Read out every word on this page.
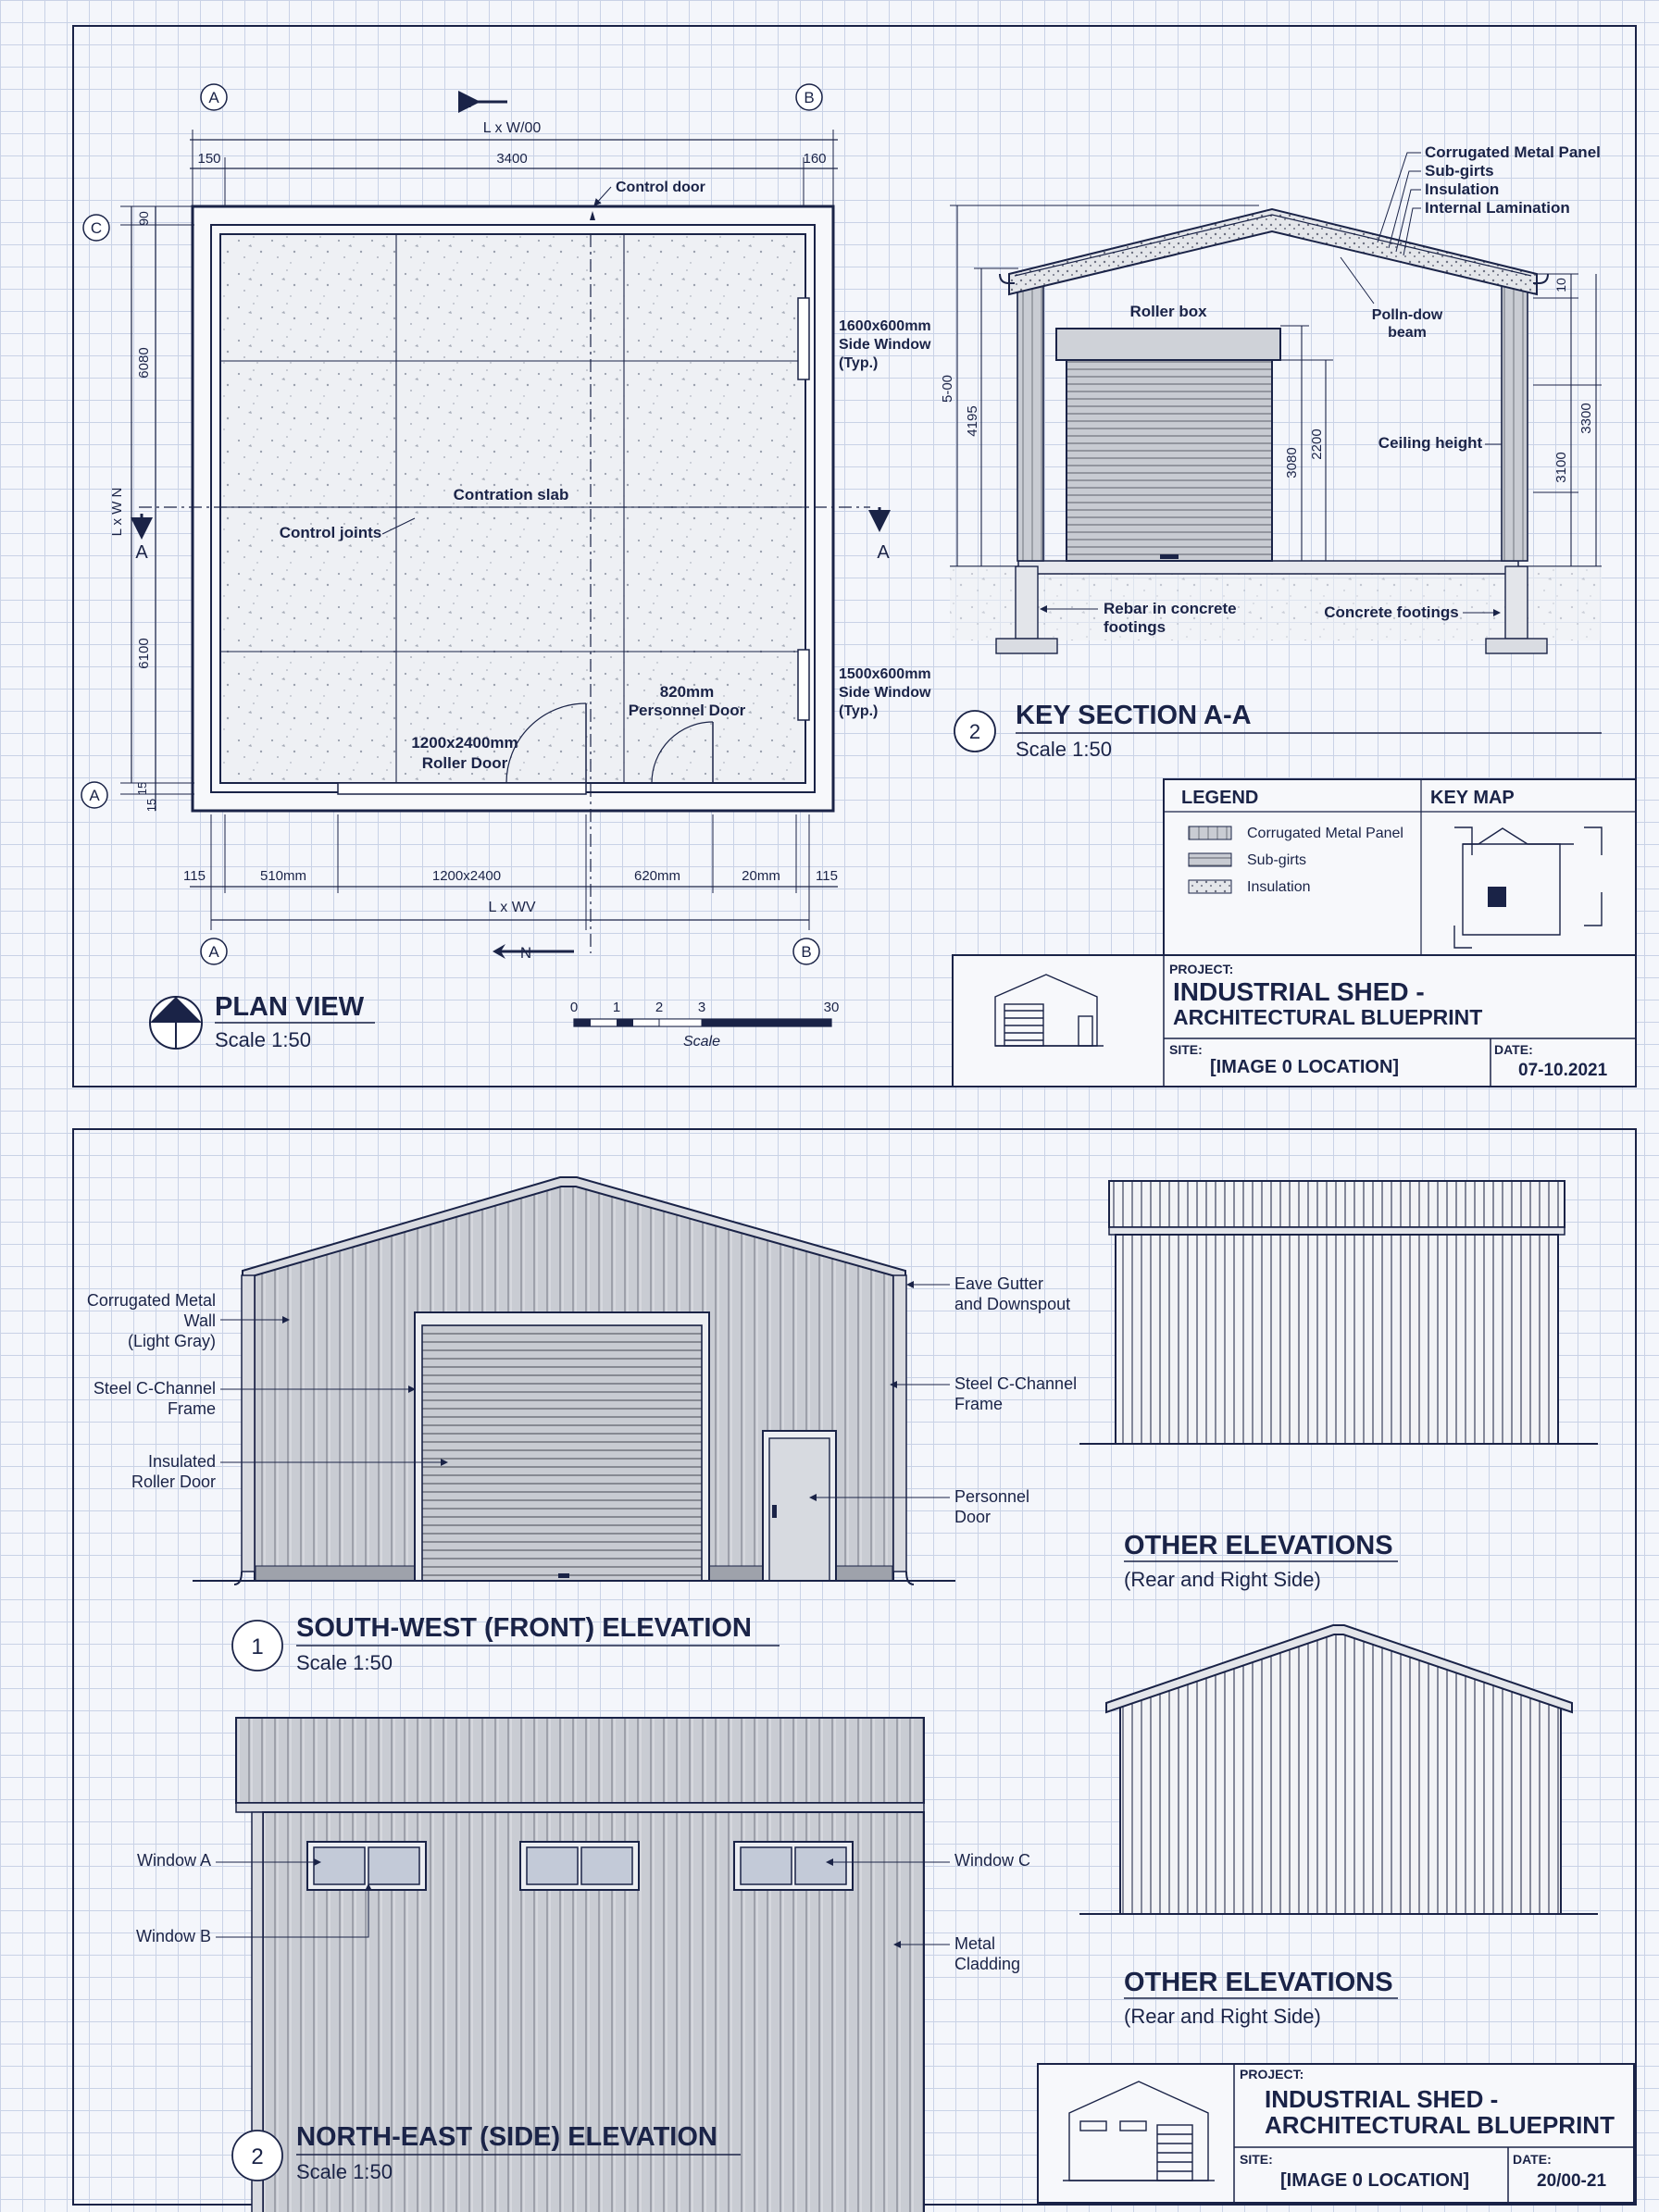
A	B
C
A
A	B
A
L x W/00
150	3400	160
Control door
Contration slab
Control joints
1600x600mm
Side Window
(Typ.)
1500x600mm
Side Window
(Typ.)
1200x2400mm
Roller Door
820mm
Personnel Door
90
6080
6100
15
15
L x W N
A	A
115	510mm	1200x2400	620mm	20mm	115
L x WV
N
PLAN VIEW
Scale 1:50
0	1	2	3	30
Scale
Corrugated Metal Panel
Sub-girts
Insulation
Internal Lamination
Roller box	Polln-dow
beam
Ceiling height
Rebar in concrete
footings
Concrete footings
5-00
4195
3080
2200
10
3300
3100
2
KEY SECTION A-A
Scale 1:50
LEGEND	KEY MAP
Corrugated Metal Panel
Sub-girts
Insulation
PROJECT:
INDUSTRIAL SHED -
ARCHITECTURAL BLUEPRINT
SITE:
[IMAGE 0 LOCATION]
DATE:
07-10.2021
Corrugated Metal
Wall
(Light Gray)
Steel C-Channel
Frame
Insulated
Roller Door
Eave Gutter
and Downspout
Steel C-Channel
Frame
Personnel
Door
1
SOUTH-WEST (FRONT) ELEVATION
Scale 1:50
Window A
Window B
Window C
Metal
Cladding
2
NORTH-EAST (SIDE) ELEVATION
Scale 1:50
OTHER ELEVATIONS
(Rear and Right Side)
OTHER ELEVATIONS
(Rear and Right Side)
PROJECT:
INDUSTRIAL SHED -
ARCHITECTURAL BLUEPRINT
SITE:
[IMAGE 0 LOCATION]
DATE:
20/00-21
